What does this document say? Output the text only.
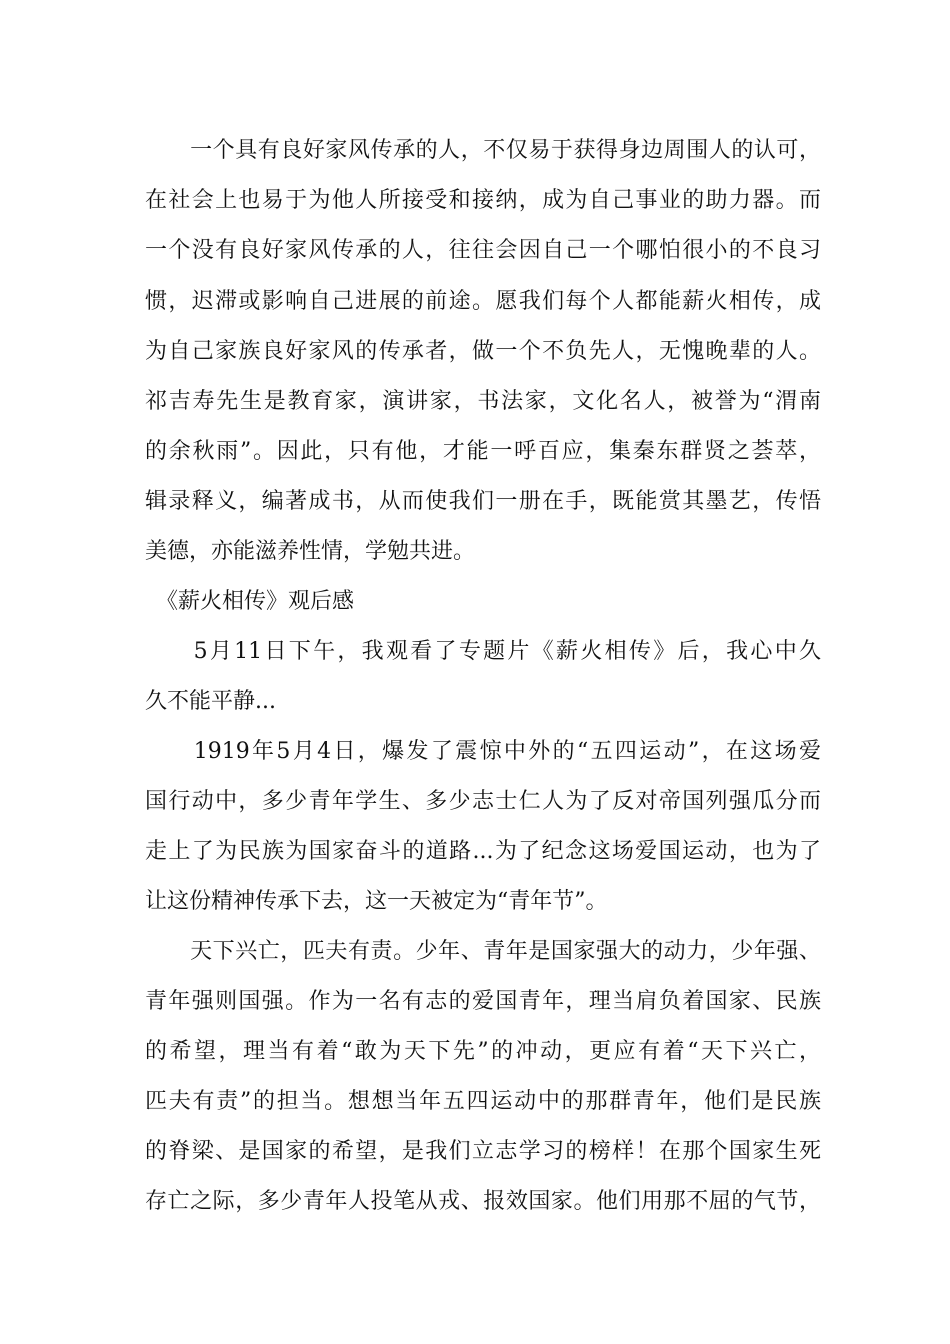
　　一个具有良好家风传承的人，不仅易于获得身边周围人的认可，
在社会上也易于为他人所接受和接纳，成为自己事业的助力器。而
一个没有良好家风传承的人，往往会因自己一个哪怕很小的不良习
惯，迟滞或影响自己进展的前途。愿我们每个人都能薪火相传，成
为自己家族良好家风的传承者，做一个不负先人，无愧晚辈的人。
祁吉寿先生是教育家，演讲家，书法家，文化名人，被誉为“渭南
的余秋雨”。因此，只有他，才能一呼百应，集秦东群贤之荟萃，
辑录释义，编著成书，从而使我们一册在手，既能赏其墨艺，传悟
美德，亦能滋养性情，学勉共进。
　《薪火相传》观后感
　　5月11日下午，我观看了专题片《薪火相传》后，我心中久
久不能平静...
　　1919年5月4日，爆发了震惊中外的“五四运动”，在这场爱
国行动中，多少青年学生、多少志士仁人为了反对帝国列强瓜分而
走上了为民族为国家奋斗的道路...为了纪念这场爱国运动，也为了
让这份精神传承下去，这一天被定为“青年节”。
　　天下兴亡，匹夫有责。少年、青年是国家强大的动力，少年强、
青年强则国强。作为一名有志的爱国青年，理当肩负着国家、民族
的希望，理当有着“敢为天下先”的冲动，更应有着“天下兴亡，
匹夫有责”的担当。想想当年五四运动中的那群青年，他们是民族
的脊梁、是国家的希望，是我们立志学习的榜样！在那个国家生死
存亡之际，多少青年人投笔从戎、报效国家。他们用那不屈的气节，
